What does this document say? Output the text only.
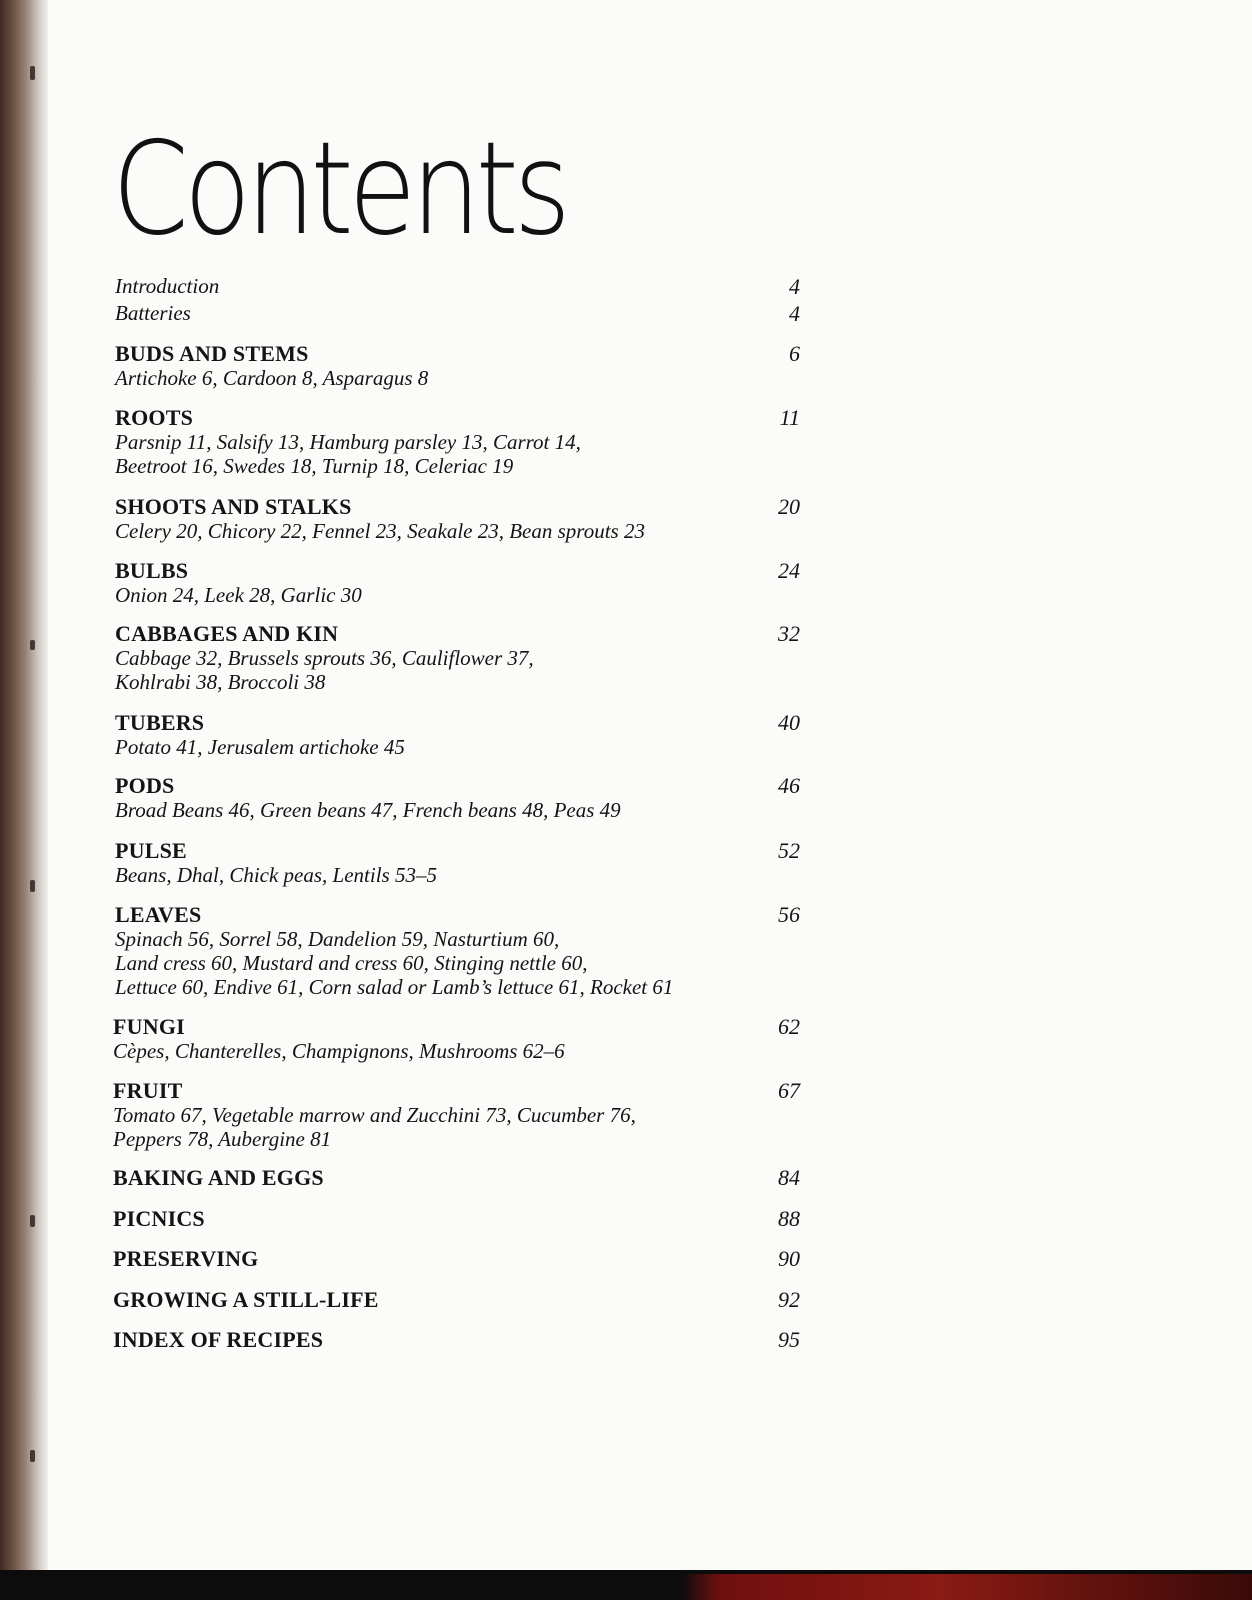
Contents
Introduction	4
Batteries	4
BUDS AND STEMS	6
Artichoke 6, Cardoon 8, Asparagus 8
ROOTS	11
Parsnip 11, Salsify 13, Hamburg parsley 13, Carrot 14,
Beetroot 16, Swedes 18, Turnip 18, Celeriac 19
SHOOTS AND STALKS	20
Celery 20, Chicory 22, Fennel 23, Seakale 23, Bean sprouts 23
BULBS	24
Onion 24, Leek 28, Garlic 30
CABBAGES AND KIN	32
Cabbage 32, Brussels sprouts 36, Cauliflower 37,
Kohlrabi 38, Broccoli 38
TUBERS	40
Potato 41, Jerusalem artichoke 45
PODS	46
Broad Beans 46, Green beans 47, French beans 48, Peas 49
PULSE	52
Beans, Dhal, Chick peas, Lentils 53–5
LEAVES	56
Spinach 56, Sorrel 58, Dandelion 59, Nasturtium 60,
Land cress 60, Mustard and cress 60, Stinging nettle 60,
Lettuce 60, Endive 61, Corn salad or Lamb’s lettuce 61, Rocket 61
FUNGI	62
Cèpes, Chanterelles, Champignons, Mushrooms 62–6
FRUIT	67
Tomato 67, Vegetable marrow and Zucchini 73, Cucumber 76,
Peppers 78, Aubergine 81
BAKING AND EGGS	84
PICNICS	88
PRESERVING	90
GROWING A STILL-LIFE	92
INDEX OF RECIPES	95
